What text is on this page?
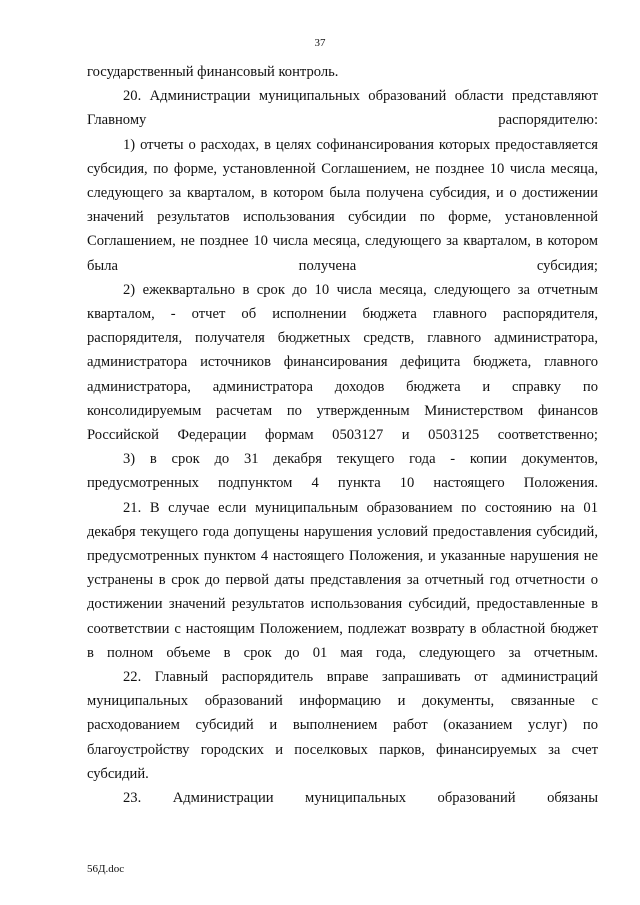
37

государственный финансовый контроль.

20. Администрации муниципальных образований области представляют Главному распорядителю:

1) отчеты о расходах, в целях софинансирования которых предоставляется субсидия, по форме, установленной Соглашением, не позднее 10 числа месяца, следующего за кварталом, в котором была получена субсидия, и о достижении значений результатов использования субсидии по форме, установленной Соглашением, не позднее 10 числа месяца, следующего за кварталом, в котором была получена субсидия;

2) ежеквартально в срок до 10 числа месяца, следующего за отчетным кварталом, - отчет об исполнении бюджета главного распорядителя, распорядителя, получателя бюджетных средств, главного администратора, администратора источников финансирования дефицита бюджета, главного администратора, администратора доходов бюджета и справку по консолидируемым расчетам по утвержденным Министерством финансов Российской Федерации формам 0503127 и 0503125 соответственно;

3) в срок до 31 декабря текущего года - копии документов, предусмотренных подпунктом 4 пункта 10 настоящего Положения.

21. В случае если муниципальным образованием по состоянию на 01 декабря текущего года допущены нарушения условий предоставления субсидий, предусмотренных пунктом 4 настоящего Положения, и указанные нарушения не устранены в срок до первой даты представления за отчетный год отчетности о достижении значений результатов использования субсидий, предоставленные в соответствии с настоящим Положением, подлежат возврату в областной бюджет в полном объеме в срок до 01 мая года, следующего за отчетным.

22. Главный распорядитель вправе запрашивать от администраций муниципальных образований информацию и документы, связанные с расходованием субсидий и выполнением работ (оказанием услуг) по благоустройству городских и поселковых парков, финансируемых за счет субсидий.

23. Администрации муниципальных образований обязаны

56Д.doc
